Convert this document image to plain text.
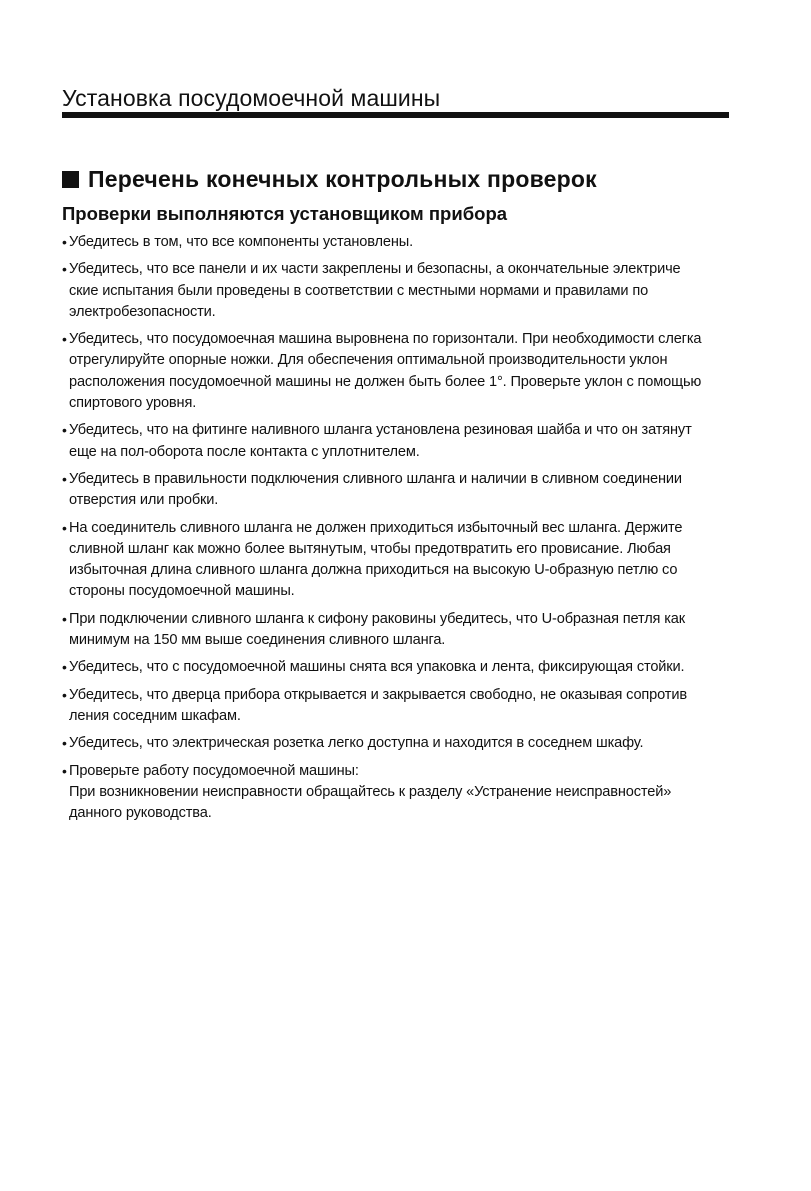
Установка посудомоечной машины
Перечень конечных контрольных проверок
Проверки выполняются установщиком прибора
• Убедитесь в том, что все компоненты установлены.
• Убедитесь, что все панели и их части закреплены и безопасны, а окончательные электриче
ские испытания были проведены в соответствии с местными нормами и правилами по
электробезопасности.
• Убедитесь, что посудомоечная машина выровнена по горизонтали. При необходимости слегка
отрегулируйте опорные ножки. Для обеспечения оптимальной производительности уклон
расположения посудомоечной машины не должен быть более 1°. Проверьте уклон с помощью
спиртового уровня.
• Убедитесь, что на фитинге наливного шланга установлена резиновая шайба и что он затянут
еще на пол-оборота после контакта с уплотнителем.
• Убедитесь в правильности подключения сливного шланга и наличии в сливном соединении
отверстия или пробки.
• На соединитель сливного шланга не должен приходиться избыточный вес шланга. Держите
сливной шланг как можно более вытянутым, чтобы предотвратить его провисание. Любая
избыточная длина сливного шланга должна приходиться на высокую U-образную петлю со
стороны посудомоечной машины.
• При подключении сливного шланга к сифону раковины убедитесь, что U-образная петля как
минимум на 150 мм выше соединения сливного шланга.
• Убедитесь, что с посудомоечной машины снята вся упаковка и лента, фиксирующая стойки.
• Убедитесь, что дверца прибора открывается и закрывается свободно, не оказывая сопротив
ления соседним шкафам.
• Убедитесь, что электрическая розетка легко доступна и находится в соседнем шкафу.
• Проверьте работу посудомоечной машины:
При возникновении неисправности обращайтесь к разделу «Устранение неисправностей»
данного руководства.
